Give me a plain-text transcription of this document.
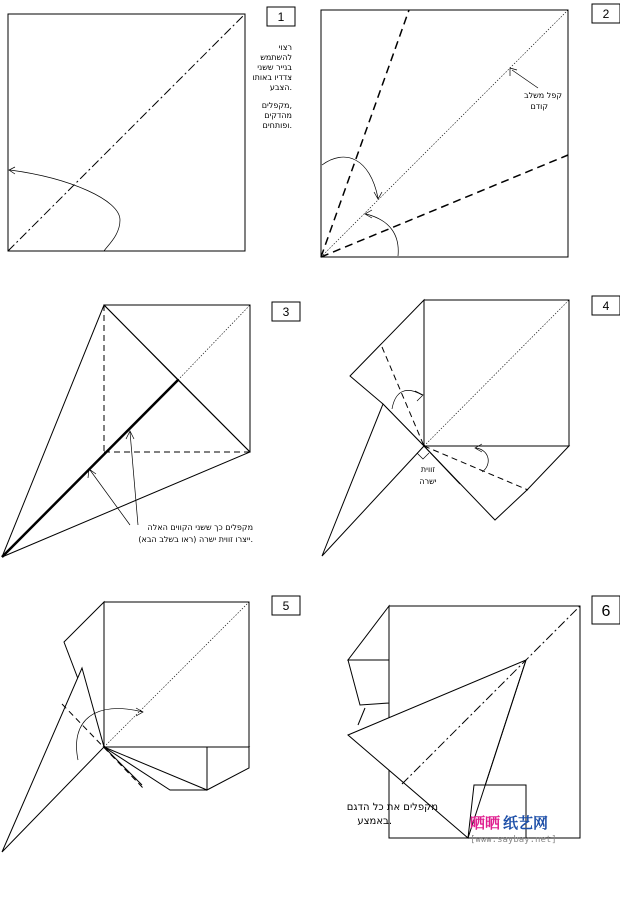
1
רצוי
להשתמש
בנייר ששני
צדדיו באותו
הצבע.
מקפלים,
מהדקים
ופותחים.
קפל משלב
קודם
2
מקפלים כך ששני הקווים האלה
ייצרו זווית ישרה (ראו בשלב הבא).
3
זווית
ישרה
4
5	6
מקפלים את כל הדגם
באמצע.	晒晒 纸艺网
[www.saybay.net]
